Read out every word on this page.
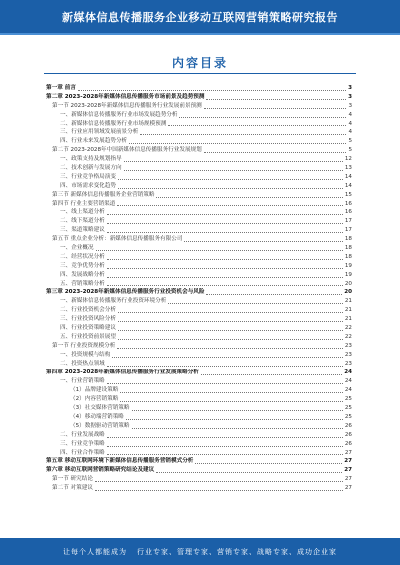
新媒体信息传播服务企业移动互联网营销策略研究报告
内容目录
第一章 前言	3
第二章 2023-2028年新媒体信息传播服务市场前景及趋势预测	3
第一节 2023-2028年新媒体信息传播服务行业发展前景预测	3
一、新媒体信息传播服务行业市场发展趋势分析	4
二、新媒体信息传播服务行业市场规模预测	4
三、行业应用领域发展前景分析	4
四、行业未来发展趋势分析	5
第二节 2023-2028年中国新媒体信息传播服务行业发展规划	5
一、政策支持及规划指导	12
二、技术创新与发展方向	13
三、行业竞争格局演变	14
四、市场需求变化趋势	14
第三节 新媒体信息传播服务企业营销策略	15
第四节 行业主要营销渠道	16
一、线上渠道分析	16
二、线下渠道分析	17
三、渠道策略建议	17
第五节 重点企业分析：新媒体信息传播服务有限公司	18
一、企业概况	18
二、经营状况分析	18
三、竞争优势分析	19
四、发展战略分析	19
五、营销策略分析	20
第三章 2023-2028年新媒体信息传播服务行业投资机会与风险	20
一、新媒体信息传播服务行业投资环境分析	21
二、行业投资机会分析	21
三、行业投资风险分析	21
四、行业投资策略建议	22
五、行业投资前景展望	22
第一节 行业投资规模分析	23
一、投资规模与结构	23
二、投资热点领域	23
第四章 2023-2028年新媒体信息传播服务行业发展策略分析	24
一、行业营销策略	24
（1）品牌建设策略	24
（2）内容营销策略	25
（3）社交媒体营销策略	25
（4）移动端营销策略	25
（5）数据驱动营销策略	26
二、行业发展战略	26
三、行业竞争策略	26
四、行业合作策略	27
第五章 移动互联网环境下新媒体信息传播服务营销模式分析	27
第六章 移动互联网营销策略研究结论及建议	27
第一节 研究结论	27
第二节 对策建议	27
让每个人都能成为 行业专家 、 管理专家 、 营销专家 、 战略专家 、 成功企业家
